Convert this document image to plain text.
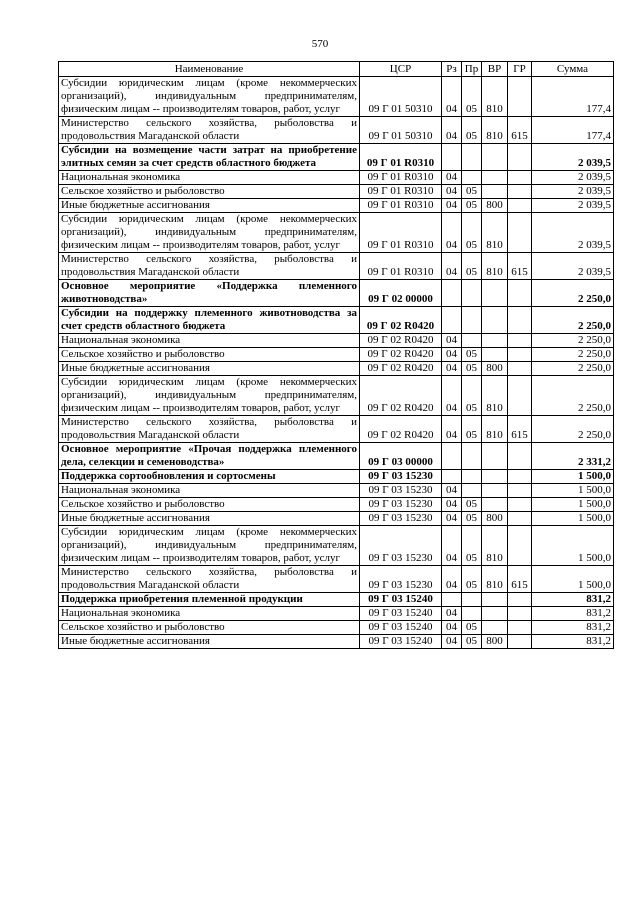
570
Наименование	ЦСР	Рз	Пр	ВР	ГР	Сумма
Субсидии юридическим лицам (кроме некоммерческих организаций), индивидуальным предпринимателям, физическим лицам -- производителям товаров, работ, услуг	09 Г 01 50310	04	05	810		177,4
Министерство сельского хозяйства, рыболовства и продовольствия Магаданской области	09 Г 01 50310	04	05	810	615	177,4
Субсидии на возмещение части затрат на приобретение элитных семян за счет средств областного бюджета	09 Г 01 R0310					2 039,5
Национальная экономика	09 Г 01 R0310	04				2 039,5
Сельское хозяйство и рыболовство	09 Г 01 R0310	04	05			2 039,5
Иные бюджетные ассигнования	09 Г 01 R0310	04	05	800		2 039,5
Субсидии юридическим лицам (кроме некоммерческих организаций), индивидуальным предпринимателям, физическим лицам -- производителям товаров, работ, услуг	09 Г 01 R0310	04	05	810		2 039,5
Министерство сельского хозяйства, рыболовства и продовольствия Магаданской области	09 Г 01 R0310	04	05	810	615	2 039,5
Основное мероприятие «Поддержка племенного животноводства»	09 Г 02 00000					2 250,0
Субсидии на поддержку племенного животноводства за счет средств областного бюджета	09 Г 02 R0420					2 250,0
Национальная экономика	09 Г 02 R0420	04				2 250,0
Сельское хозяйство и рыболовство	09 Г 02 R0420	04	05			2 250,0
Иные бюджетные ассигнования	09 Г 02 R0420	04	05	800		2 250,0
Субсидии юридическим лицам (кроме некоммерческих организаций), индивидуальным предпринимателям, физическим лицам -- производителям товаров, работ, услуг	09 Г 02 R0420	04	05	810		2 250,0
Министерство сельского хозяйства, рыболовства и продовольствия Магаданской области	09 Г 02 R0420	04	05	810	615	2 250,0
Основное мероприятие «Прочая поддержка племенного дела, селекции и семеноводства»	09 Г 03 00000					2 331,2
Поддержка сортообновления и сортосмены	09 Г 03 15230					1 500,0
Национальная экономика	09 Г 03 15230	04				1 500,0
Сельское хозяйство и рыболовство	09 Г 03 15230	04	05			1 500,0
Иные бюджетные ассигнования	09 Г 03 15230	04	05	800		1 500,0
Субсидии юридическим лицам (кроме некоммерческих организаций), индивидуальным предпринимателям, физическим лицам -- производителям товаров, работ, услуг	09 Г 03 15230	04	05	810		1 500,0
Министерство сельского хозяйства, рыболовства и продовольствия Магаданской области	09 Г 03 15230	04	05	810	615	1 500,0
Поддержка приобретения племенной продукции	09 Г 03 15240					831,2
Национальная экономика	09 Г 03 15240	04				831,2
Сельское хозяйство и рыболовство	09 Г 03 15240	04	05			831,2
Иные бюджетные ассигнования	09 Г 03 15240	04	05	800		831,2
